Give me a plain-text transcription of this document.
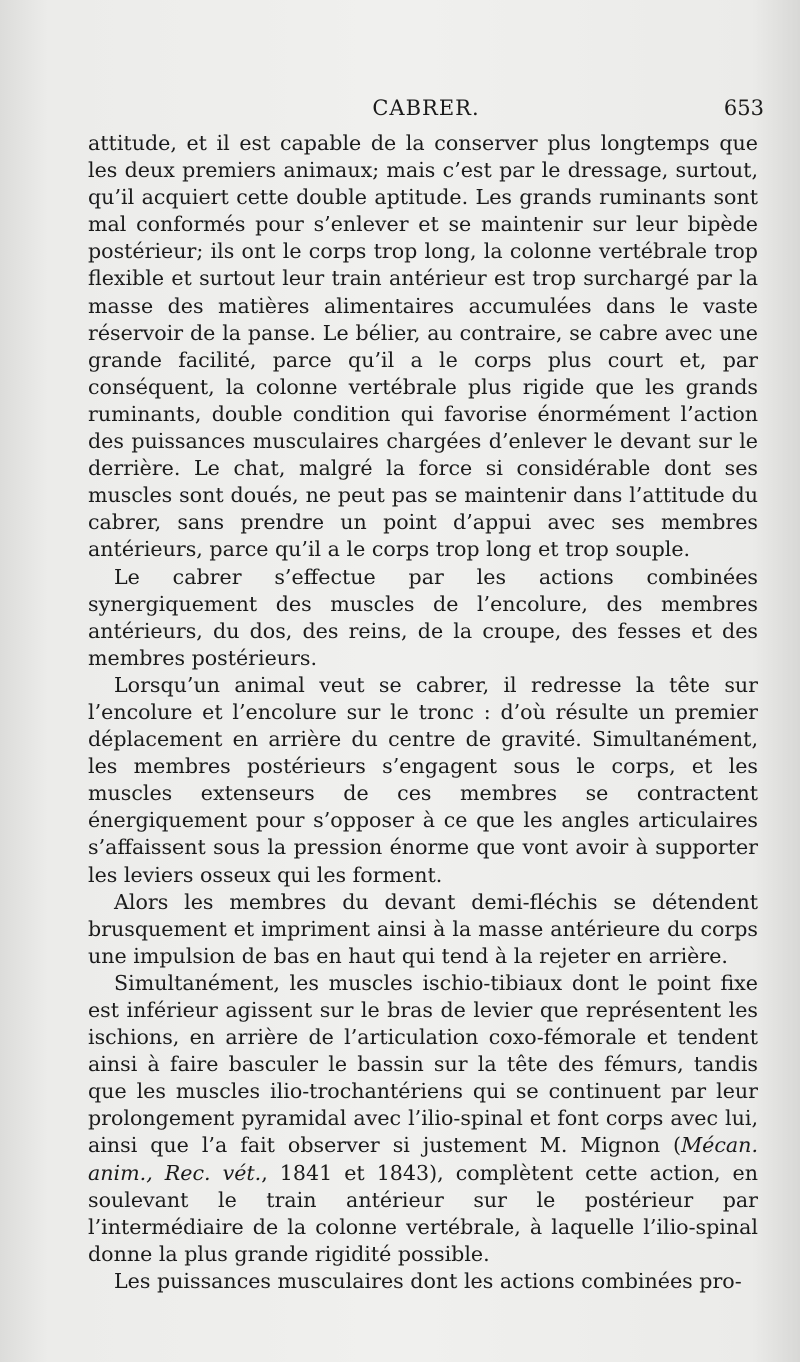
CABRER.	653

attitude, et il est capable de la conserver plus longtemps que les deux premiers animaux; mais c’est par le dressage, surtout, qu’il acquiert cette double aptitude. Les grands ruminants sont mal conformés pour s’enlever et se maintenir sur leur bipède postérieur; ils ont le corps trop long, la colonne vertébrale trop flexible et surtout leur train antérieur est trop surchargé par la masse des matières alimentaires accumulées dans le vaste réservoir de la panse. Le bélier, au contraire, se cabre avec une grande facilité, parce qu’il a le corps plus court et, par conséquent, la colonne vertébrale plus rigide que les grands ruminants, double condition qui favorise énormément l’action des puissances musculaires chargées d’enlever le devant sur le derrière. Le chat, malgré la force si considérable dont ses muscles sont doués, ne peut pas se maintenir dans l’attitude du cabrer, sans prendre un point d’appui avec ses membres antérieurs, parce qu’il a le corps trop long et trop souple.

Le cabrer s’effectue par les actions combinées synergiquement des muscles de l’encolure, des membres antérieurs, du dos, des reins, de la croupe, des fesses et des membres postérieurs.

Lorsqu’un animal veut se cabrer, il redresse la tête sur l’encolure et l’encolure sur le tronc : d’où résulte un premier déplacement en arrière du centre de gravité. Simultanément, les membres postérieurs s’engagent sous le corps, et les muscles extenseurs de ces membres se contractent énergiquement pour s’opposer à ce que les angles articulaires s’affaissent sous la pression énorme que vont avoir à supporter les leviers osseux qui les forment.

Alors les membres du devant demi-fléchis se détendent brusquement et impriment ainsi à la masse antérieure du corps une impulsion de bas en haut qui tend à la rejeter en arrière.

Simultanément, les muscles ischio-tibiaux dont le point fixe est inférieur agissent sur le bras de levier que représentent les ischions, en arrière de l’articulation coxo-fémorale et tendent ainsi à faire basculer le bassin sur la tête des fémurs, tandis que les muscles ilio-trochantériens qui se continuent par leur prolongement pyramidal avec l’ilio-spinal et font corps avec lui, ainsi que l’a fait observer si justement M. Mignon (Mécan. anim., Rec. vét., 1841 et 1843), complètent cette action, en soulevant le train antérieur sur le postérieur par l’intermédiaire de la colonne vertébrale, à laquelle l’ilio-spinal donne la plus grande rigidité possible.

Les puissances musculaires dont les actions combinées pro-
